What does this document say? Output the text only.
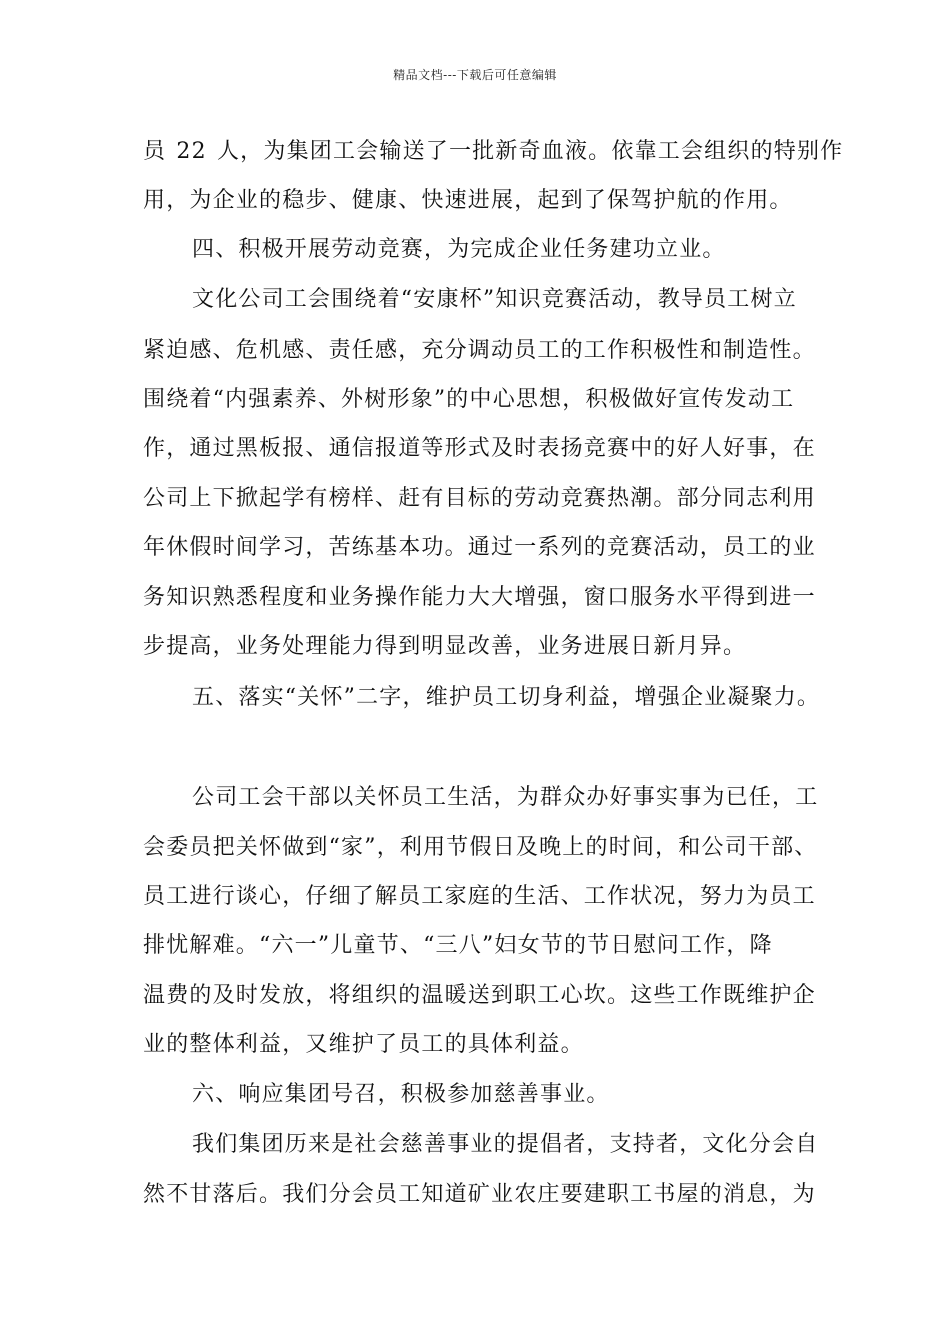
精品文档---下载后可任意编辑
员 22 人，为集团工会输送了一批新奇血液。依靠工会组织的特别作
用，为企业的稳步、健康、快速进展，起到了保驾护航的作用。
四、积极开展劳动竞赛，为完成企业任务建功立业。
文化公司工会围绕着“安康杯”知识竞赛活动，教导员工树立
紧迫感、危机感、责任感，充分调动员工的工作积极性和制造性。
围绕着“内强素养、外树形象”的中心思想，积极做好宣传发动工
作，通过黑板报、通信报道等形式及时表扬竞赛中的好人好事，在
公司上下掀起学有榜样、赶有目标的劳动竞赛热潮。部分同志利用
年休假时间学习，苦练基本功。通过一系列的竞赛活动，员工的业
务知识熟悉程度和业务操作能力大大增强，窗口服务水平得到进一
步提高，业务处理能力得到明显改善，业务进展日新月异。
五、落实“关怀”二字，维护员工切身利益，增强企业凝聚力。
公司工会干部以关怀员工生活，为群众办好事实事为已任，工
会委员把关怀做到“家”，利用节假日及晚上的时间，和公司干部、
员工进行谈心，仔细了解员工家庭的生活、工作状况，努力为员工
排忧解难。“六一”儿童节、“三八”妇女节的节日慰问工作，降
温费的及时发放，将组织的温暖送到职工心坎。这些工作既维护企
业的整体利益，又维护了员工的具体利益。
六、响应集团号召，积极参加慈善事业。
我们集团历来是社会慈善事业的提倡者，支持者，文化分会自
然不甘落后。我们分会员工知道矿业农庄要建职工书屋的消息，为
